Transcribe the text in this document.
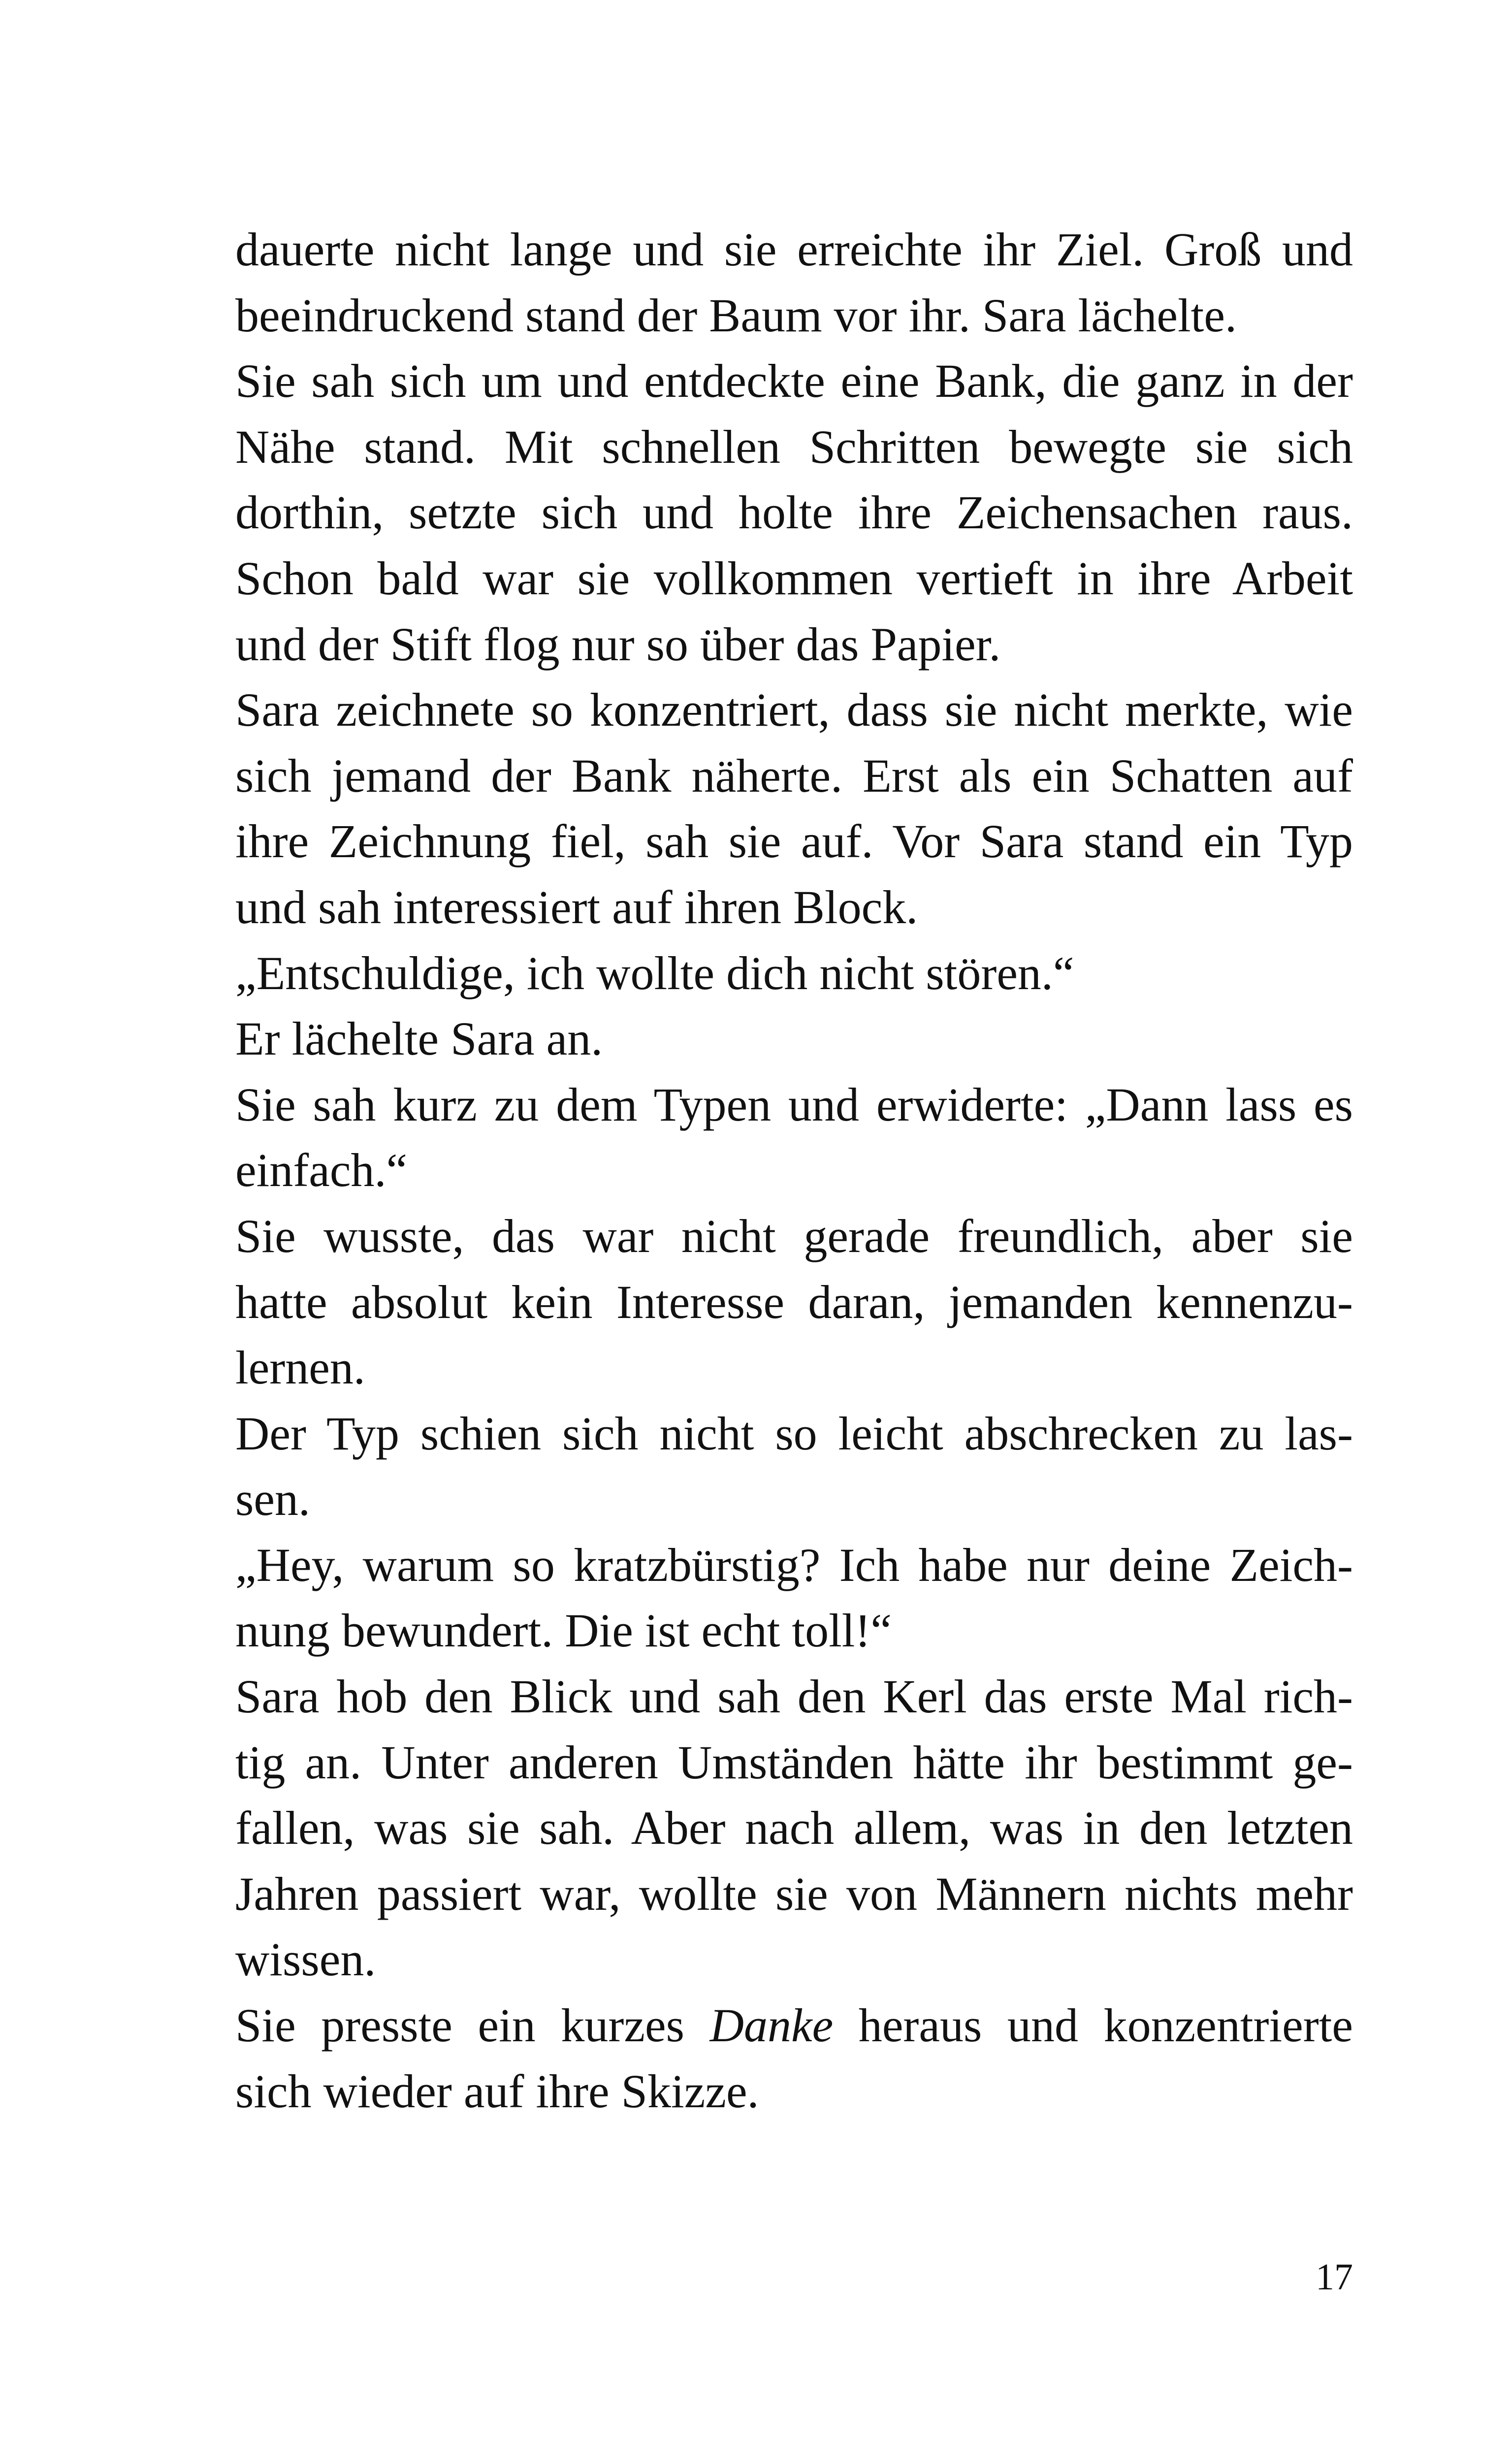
dauerte nicht lange und sie erreichte ihr Ziel. Groß und
beeindruckend stand der Baum vor ihr. Sara lächelte.
Sie sah sich um und entdeckte eine Bank, die ganz in der
Nähe stand. Mit schnellen Schritten bewegte sie sich
dorthin, setzte sich und holte ihre Zeichensachen raus.
Schon bald war sie vollkommen vertieft in ihre Arbeit
und der Stift flog nur so über das Papier.
Sara zeichnete so konzentriert, dass sie nicht merkte, wie
sich jemand der Bank näherte. Erst als ein Schatten auf
ihre Zeichnung fiel, sah sie auf. Vor Sara stand ein Typ
und sah interessiert auf ihren Block.
„Entschuldige, ich wollte dich nicht stören.“
Er lächelte Sara an.
Sie sah kurz zu dem Typen und erwiderte: „Dann lass es
einfach.“
Sie wusste, das war nicht gerade freundlich, aber sie
hatte absolut kein Interesse daran, jemanden kennenzu-
lernen.
Der Typ schien sich nicht so leicht abschrecken zu las-
sen.
„Hey, warum so kratzbürstig? Ich habe nur deine Zeich-
nung bewundert. Die ist echt toll!“
Sara hob den Blick und sah den Kerl das erste Mal rich-
tig an. Unter anderen Umständen hätte ihr bestimmt ge-
fallen, was sie sah. Aber nach allem, was in den letzten
Jahren passiert war, wollte sie von Männern nichts mehr
wissen.
Sie presste ein kurzes Danke heraus und konzentrierte
sich wieder auf ihre Skizze.
17
